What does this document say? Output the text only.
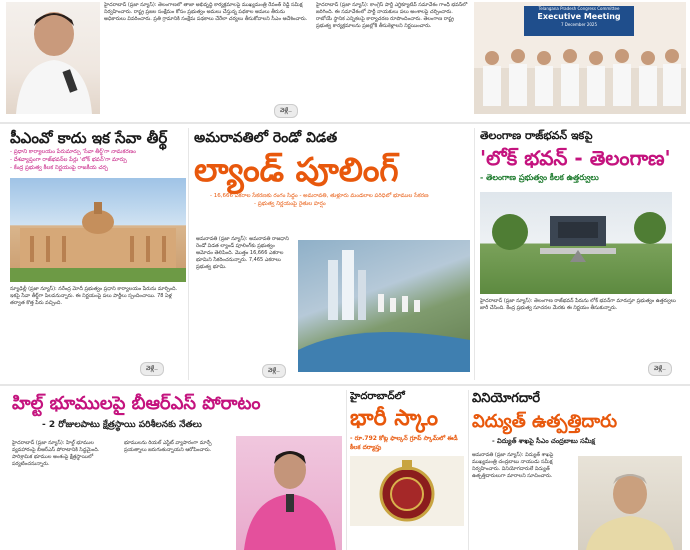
హైదరాబాద్ (ప్రజా న్యూస్): తెలంగాణలో తాజా అభివృద్ధి కార్యక్రమాలపై ముఖ్యమంత్రి రేవంత్ రెడ్డి సమీక్ష నిర్వహించారు. రాష్ట్ర ప్రజల సంక్షేమం కోసం ప్రభుత్వం అమలు చేస్తున్న పథకాల అమలు తీరును అధికారులు వివరించారు. ప్రతి గ్రామానికి సంక్షేమ పథకాలు చేరేలా చర్యలు తీసుకోవాలని సీఎం ఆదేశించారు.
వెళ్లే..
హైదరాబాద్ (ప్రజా న్యూస్): కాంగ్రెస్ పార్టీ ఎగ్జిక్యూటివ్ సమావేశం గాంధీ భవన్‌లో జరిగింది. ఈ సమావేశంలో పార్టీ నాయకులు పలు అంశాలపై చర్చించారు. రాబోయే స్థానిక ఎన్నికలపై కార్యాచరణ రూపొందించారు. తెలంగాణ రాష్ట్ర ప్రభుత్వ కార్యక్రమాలను ప్రజల్లోకి తీసుకెళ్లాలని నిర్ణయించారు.
Telangana Pradesh Congress Committee
Executive Meeting
7 December 2025
పీఎంవో కాదు ఇక సేవా తీర్థ్
- ప్రధాని కార్యాలయం పేరుమార్పు 'సేవా తీర్థ్'గా నామకరణం
- దేశవ్యాప్తంగా రాజ్‌భవన్‌ల పేర్లు 'లోక్ భవన్'గా మార్పు
- కేంద్ర ప్రభుత్వ కీలక నిర్ణయంపై రాజకీయ చర్చ
న్యూఢిల్లీ (ప్రజా న్యూస్): నరేంద్ర మోదీ ప్రభుత్వం ప్రధాని కార్యాలయం పేరును మార్చింది. ఇకపై సేవా తీర్థ్‌గా పిలవనున్నారు. ఈ నిర్ణయంపై పలు పార్టీలు స్పందించాయి. 78 ఏళ్ల తర్వాత కొత్త పేరు వచ్చింది.
వెళ్లే..
అమరావతిలో రెండో విడత
ల్యాండ్ పూలింగ్
- 16,666 ఎకరాల సేకరణకు రంగం సిద్ధం - అమరావతి, తుళ్లూరు మండలాల పరిధిలో భూముల సేకరణ
- ప్రభుత్వ నిర్ణయంపై రైతుల హర్షం
అమరావతి (ప్రజా న్యూస్): అమరావతి రాజధాని రెండో విడత ల్యాండ్ పూలింగ్‌కు ప్రభుత్వం ఆమోదం తెలిపింది. మొత్తం 16,666 ఎకరాల భూమిని సేకరించనున్నారు. 7,465 ఎకరాలు ప్రభుత్వ భూమి.
వెళ్లే..
తెలంగాణ రాజ్‌భవన్ ఇకపై
'లోక్ భవన్ - తెలంగాణ'
- తెలంగాణ ప్రభుత్వం కీలక ఉత్తర్వులు
హైదరాబాద్ (ప్రజా న్యూస్): తెలంగాణ రాజ్‌భవన్ పేరును లోక్ భవన్‌గా మారుస్తూ ప్రభుత్వం ఉత్తర్వులు జారీ చేసింది. కేంద్ర ప్రభుత్వ సూచనల మేరకు ఈ నిర్ణయం తీసుకున్నారు.
వెళ్లే..
హిల్ట్ భూములపై బీఆర్ఎస్ పోరాటం
- 2 రోజులపాటు క్షేత్రస్థాయి పరిశీలనకు నేతలు
హైదరాబాద్ (ప్రజా న్యూస్): హిల్ట్ భూముల వ్యవహారంపై బీఆర్ఎస్ పోరాటానికి సిద్ధమైంది. పారిశ్రామిక భూముల అంశంపై క్షేత్రస్థాయిలో పర్యటించనున్నారు.
భూములను రియల్ ఎస్టేట్ వ్యాపారంగా మార్చే ప్రయత్నాలు జరుగుతున్నాయని ఆరోపించారు.
హైదరాబాద్‌లో
భారీ స్కాం
- రూ.792 కోట్ల ఫాల్కన్ గ్రూప్ స్కామ్‌లో ఈడీ కీలక దర్యాప్తు
వినియోగదారే
విద్యుత్ ఉత్పత్తిదారు
- విద్యుత్ శాఖపై సీఎం చంద్రబాబు సమీక్ష
అమరావతి (ప్రజా న్యూస్): విద్యుత్ శాఖపై ముఖ్యమంత్రి చంద్రబాబు నాయుడు సమీక్ష నిర్వహించారు. వినియోగదారులే విద్యుత్ ఉత్పత్తిదారులుగా మారాలని సూచించారు.
